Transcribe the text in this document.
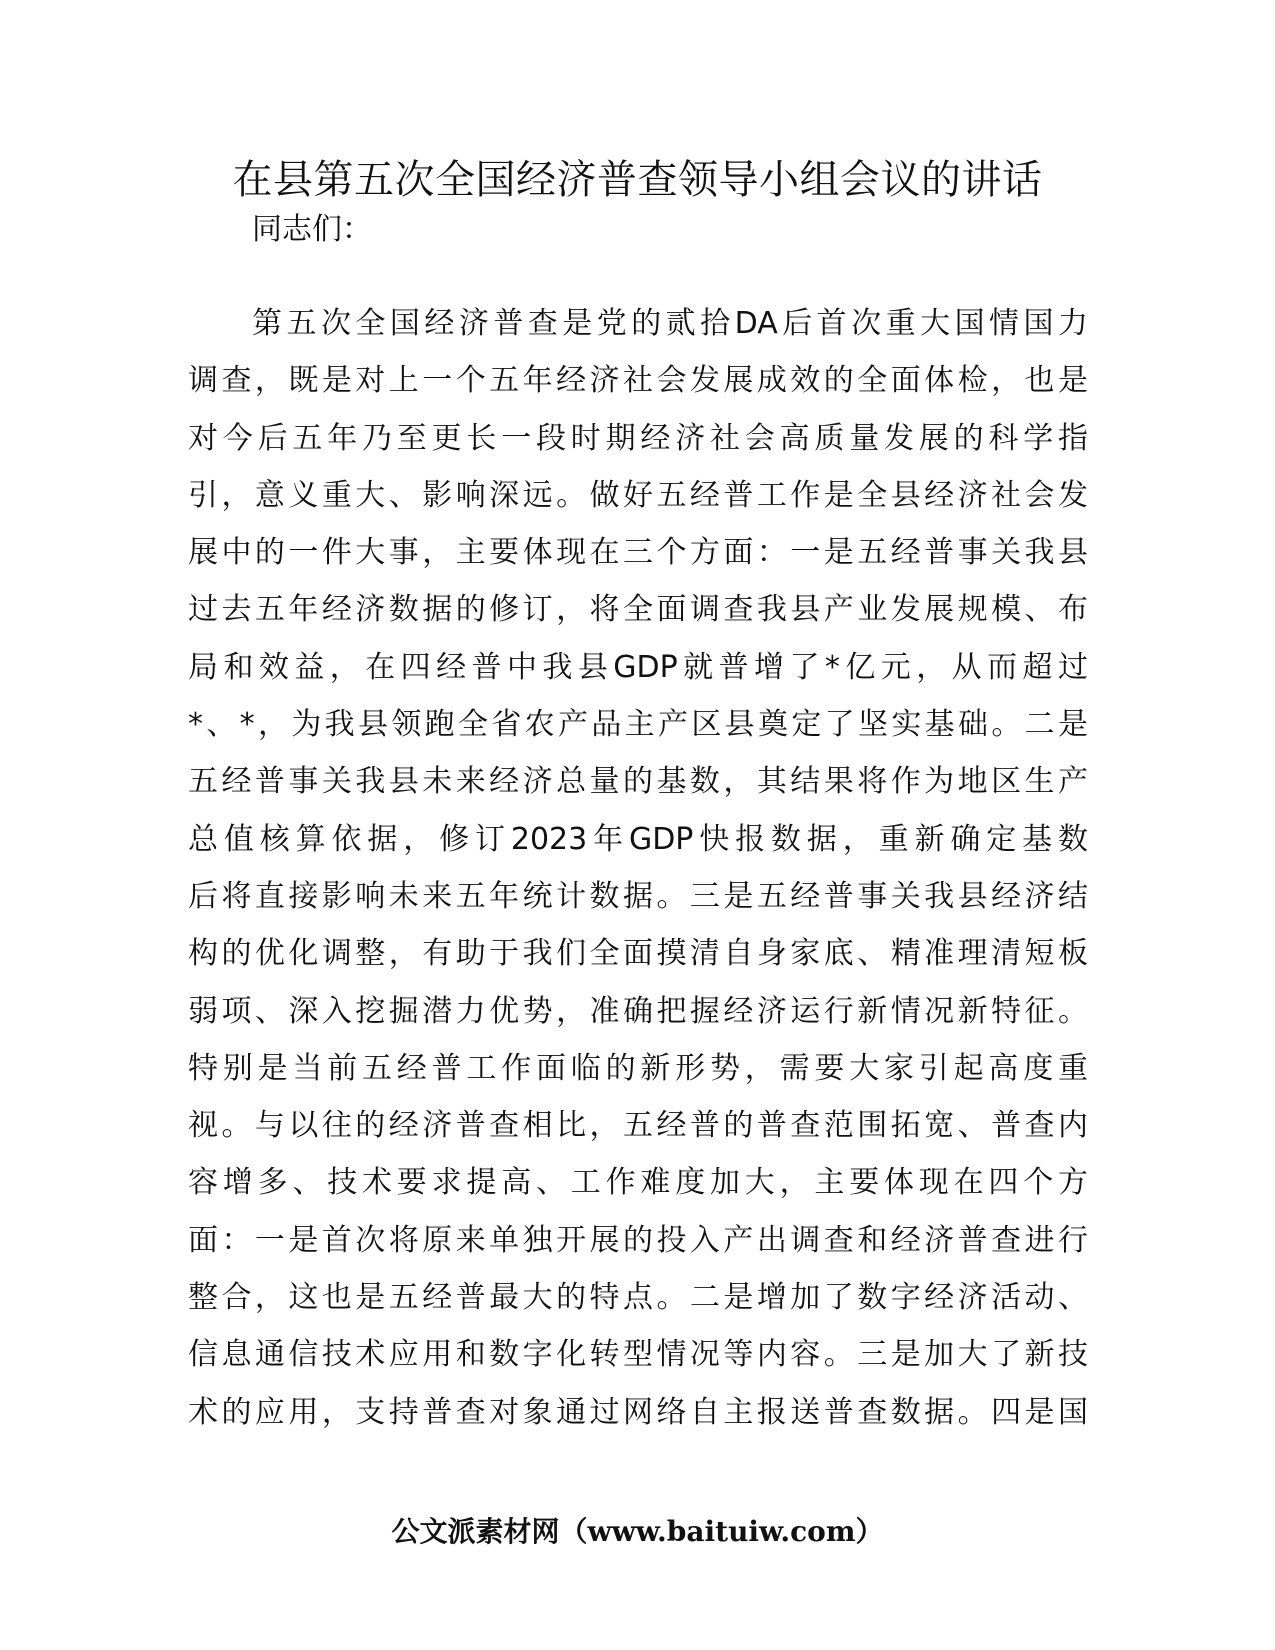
在县第五次全国经济普查领导小组会议的讲话

同志们：

第五次全国经济普查是党的贰拾DA后首次重大国情国力
调查，既是对上一个五年经济社会发展成效的全面体检，也是
对今后五年乃至更长一段时期经济社会高质量发展的科学指
引，意义重大、影响深远。做好五经普工作是全县经济社会发
展中的一件大事，主要体现在三个方面：一是五经普事关我县
过去五年经济数据的修订，将全面调查我县产业发展规模、布
局和效益，在四经普中我县GDP就普增了*亿元，从而超过
*、*，为我县领跑全省农产品主产区县奠定了坚实基础。二是
五经普事关我县未来经济总量的基数，其结果将作为地区生产
总值核算依据，修订2023年GDP快报数据，重新确定基数
后将直接影响未来五年统计数据。三是五经普事关我县经济结
构的优化调整，有助于我们全面摸清自身家底、精准理清短板
弱项、深入挖掘潜力优势，准确把握经济运行新情况新特征。
特别是当前五经普工作面临的新形势，需要大家引起高度重
视。与以往的经济普查相比，五经普的普查范围拓宽、普查内
容增多、技术要求提高、工作难度加大，主要体现在四个方
面：一是首次将原来单独开展的投入产出调查和经济普查进行
整合，这也是五经普最大的特点。二是增加了数字经济活动、
信息通信技术应用和数字化转型情况等内容。三是加大了新技
术的应用，支持普查对象通过网络自主报送普查数据。四是国

公文派素材网（www.baituiw.com）
